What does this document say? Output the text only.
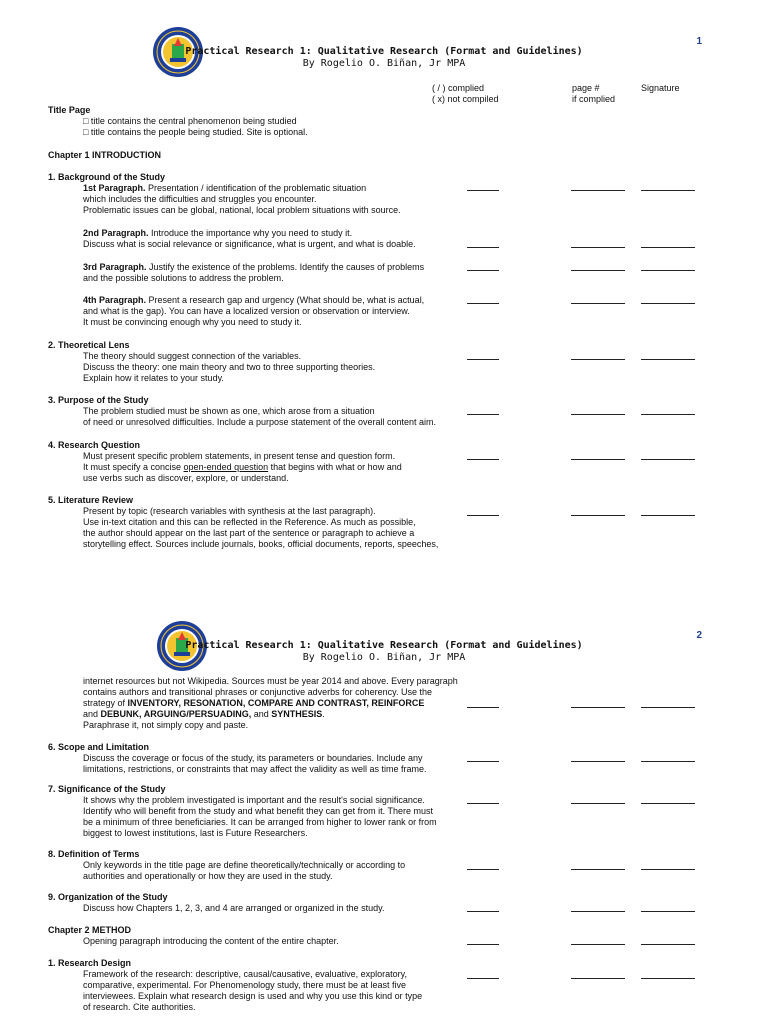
Practical Research 1: Qualitative Research (Format and Guidelines)
By Rogelio O. Biñan, Jr MPA
1
( / ) complied
( x) not compiled
page #
if complied
Signature
Title Page
□ title contains the central phenomenon being studied
□ title contains the people being studied. Site is optional.
Chapter 1 INTRODUCTION
1. Background of the Study
1st Paragraph. Presentation / identification of the problematic situation
which includes the difficulties and struggles you encounter.
Problematic issues can be global, national, local problem situations with source.
2nd Paragraph. Introduce the importance why you need to study it.
Discuss what is social relevance or significance, what is urgent, and what is doable.
3rd Paragraph. Justify the existence of the problems. Identify the causes of problems
and the possible solutions to address the problem.
4th Paragraph. Present a research gap and urgency (What should be, what is actual,
and what is the gap). You can have a localized version or observation or interview.
It must be convincing enough why you need to study it.
2. Theoretical Lens
The theory should suggest connection of the variables.
Discuss the theory: one main theory and two to three supporting theories.
Explain how it relates to your study.
3. Purpose of the Study
The problem studied must be shown as one, which arose from a situation
of need or unresolved difficulties. Include a purpose statement of the overall content aim.
4. Research Question
Must present specific problem statements, in present tense and question form.
It must specify a concise open-ended question that begins with what or how and
use verbs such as discover, explore, or understand.
5. Literature Review
Present by topic (research variables with synthesis at the last paragraph).
Use in-text citation and this can be reflected in the Reference. As much as possible,
the author should appear on the last part of the sentence or paragraph to achieve a
storytelling effect. Sources include journals, books, official documents, reports, speeches,
Practical Research 1: Qualitative Research (Format and Guidelines)
By Rogelio O. Biñan, Jr MPA
2
internet resources but not Wikipedia. Sources must be year 2014 and above. Every paragraph
contains authors and transitional phrases or conjunctive adverbs for coherency. Use the
strategy of INVENTORY, RESONATION, COMPARE AND CONTRAST, REINFORCE
and DEBUNK, ARGUING/PERSUADING, and SYNTHESIS.
Paraphrase it, not simply copy and paste.
6. Scope and Limitation
Discuss the coverage or focus of the study, its parameters or boundaries. Include any
limitations, restrictions, or constraints that may affect the validity as well as time frame.
7. Significance of the Study
It shows why the problem investigated is important and the result's social significance.
Identify who will benefit from the study and what benefit they can get from it. There must
be a minimum of three beneficiaries. It can be arranged from higher to lower rank or from
biggest to lowest institutions, last is Future Researchers.
8. Definition of Terms
Only keywords in the title page are define theoretically/technically or according to
authorities and operationally or how they are used in the study.
9. Organization of the Study
Discuss how Chapters 1, 2, 3, and 4 are arranged or organized in the study.
Chapter 2 METHOD
Opening paragraph introducing the content of the entire chapter.
1. Research Design
Framework of the research: descriptive, causal/causative, evaluative, exploratory,
comparative, experimental. For Phenomenology study, there must be at least five
interviewees. Explain what research design is used and why you use this kind or type
of research. Cite authorities.
